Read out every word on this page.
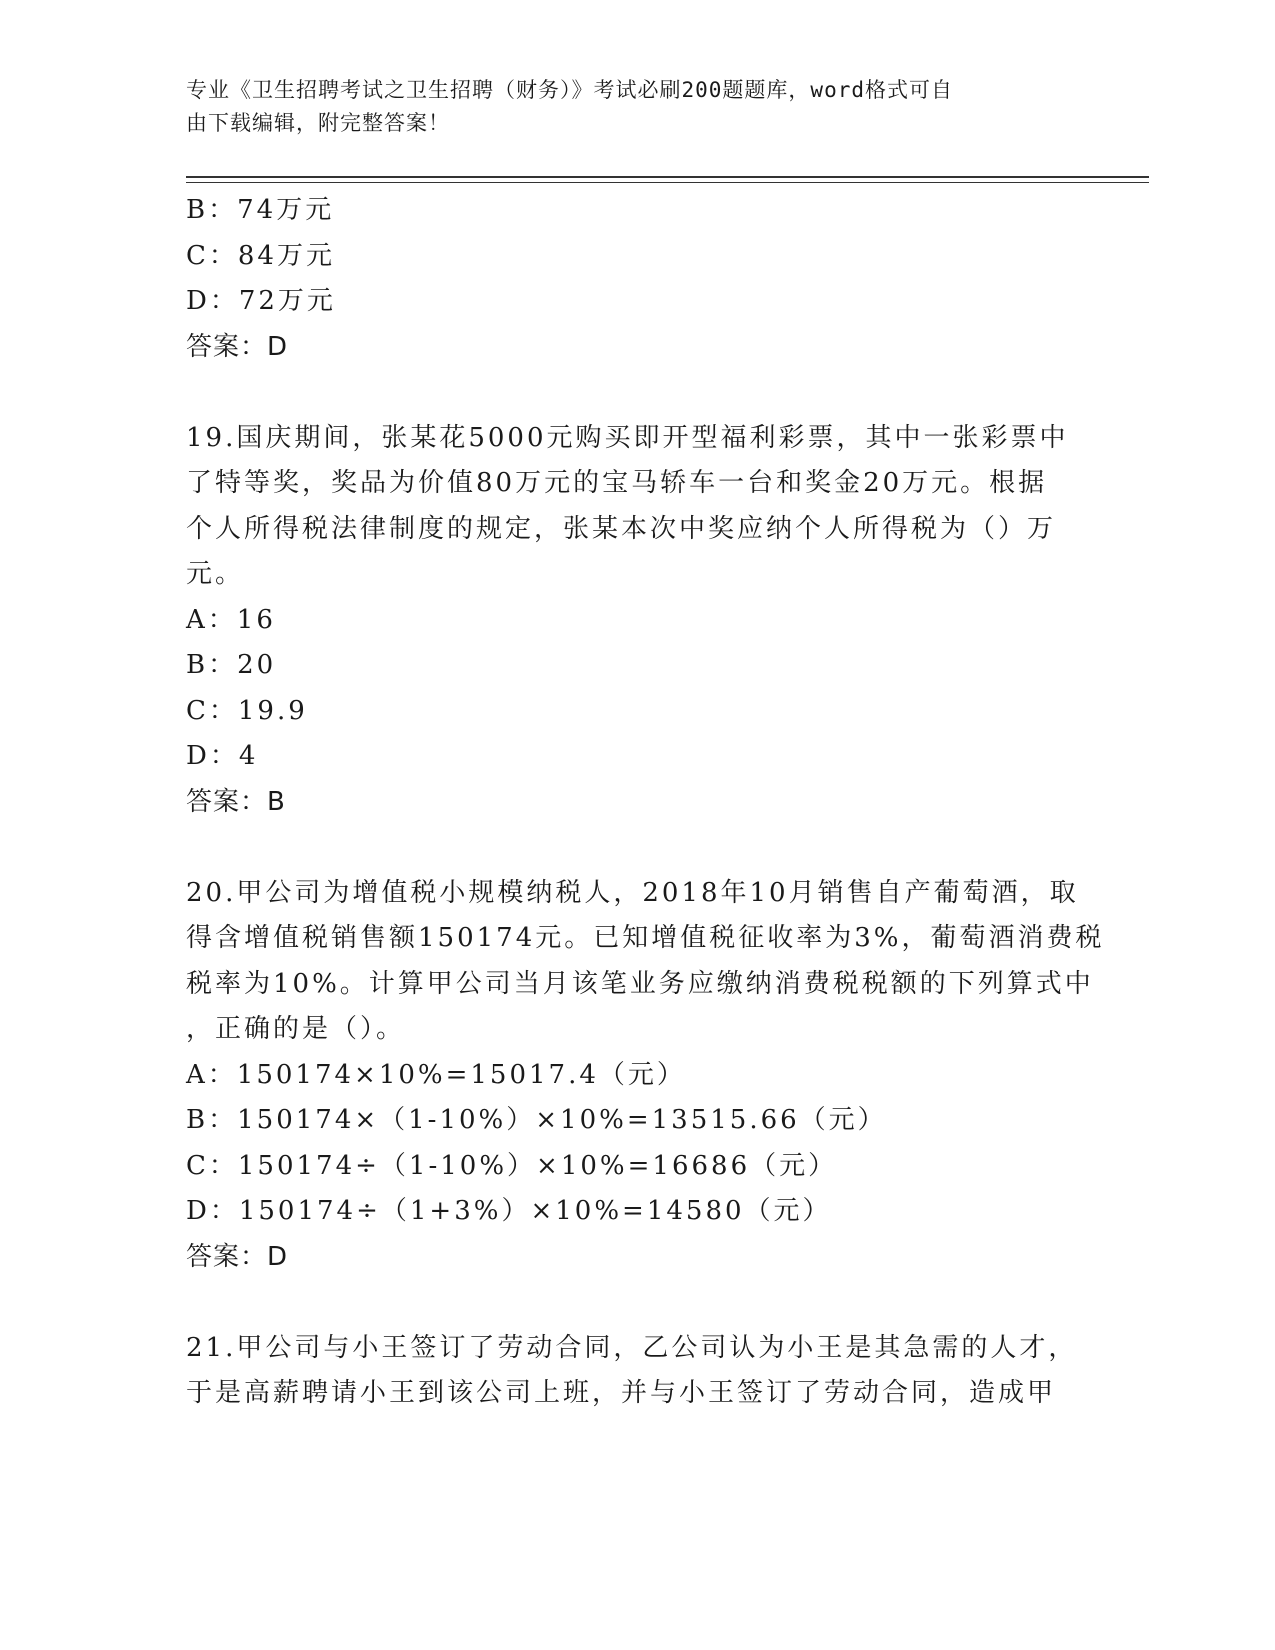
专业《卫生招聘考试之卫生招聘（财务）》考试必刷200题题库，word格式可自
由下载编辑，附完整答案！
B：74万元
C：84万元
D：72万元
答案：D
19.国庆期间，张某花5000元购买即开型福利彩票，其中一张彩票中
了特等奖，奖品为价值80万元的宝马轿车一台和奖金20万元。根据
个人所得税法律制度的规定，张某本次中奖应纳个人所得税为（）万
元。
A：16
B：20
C：19.9
D：4
答案：B
20.甲公司为增值税小规模纳税人，2018年10月销售自产葡萄酒，取
得含增值税销售额150174元。已知增值税征收率为3%，葡萄酒消费税
税率为10%。计算甲公司当月该笔业务应缴纳消费税税额的下列算式中
，正确的是（）。
A：150174×10%=15017.4（元）
B：150174×（1-10%）×10%=13515.66（元）
C：150174÷（1-10%）×10%=16686（元）
D：150174÷（1+3%）×10%=14580（元）
答案：D
21.甲公司与小王签订了劳动合同，乙公司认为小王是其急需的人才，
于是高薪聘请小王到该公司上班，并与小王签订了劳动合同，造成甲
